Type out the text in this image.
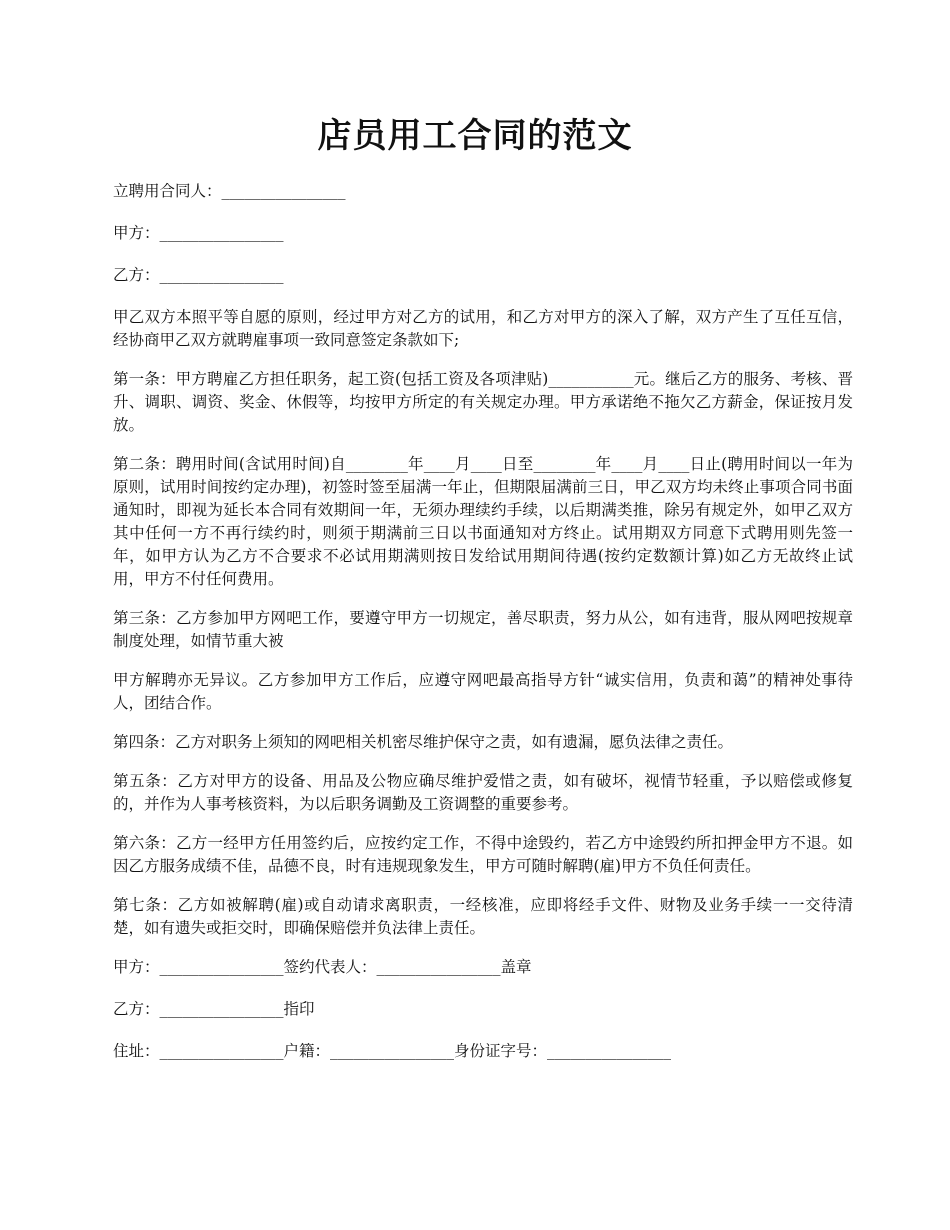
店员用工合同的范文

立聘用合同人：________________

甲方：________________

乙方：________________

甲乙双方本照平等自愿的原则，经过甲方对乙方的试用，和乙方对甲方的深入了解，双方产生了互任互信，经协商甲乙双方就聘雇事项一致同意签定条款如下;

第一条：甲方聘雇乙方担任职务，起工资(包括工资及各项津贴)___________元。继后乙方的服务、考核、晋升、调职、调资、奖金、休假等，均按甲方所定的有关规定办理。甲方承诺绝不拖欠乙方薪金，保证按月发放。

第二条：聘用时间(含试用时间)自________年____月____日至________年____月____日止(聘用时间以一年为原则，试用时间按约定办理)，初签时签至届满一年止，但期限届满前三日，甲乙双方均未终止事项合同书面通知时，即视为延长本合同有效期间一年，无须办理续约手续，以后期满类推，除另有规定外，如甲乙双方其中任何一方不再行续约时，则须于期满前三日以书面通知对方终止。试用期双方同意下式聘用则先签一年，如甲方认为乙方不合要求不必试用期满则按日发给试用期间待遇(按约定数额计算)如乙方无故终止试用，甲方不付任何费用。

第三条：乙方参加甲方网吧工作，要遵守甲方一切规定，善尽职责，努力从公，如有违背，服从网吧按规章制度处理，如情节重大被

甲方解聘亦无异议。乙方参加甲方工作后，应遵守网吧最高指导方针“诚实信用，负责和蔼”的精神处事待人，团结合作。

第四条：乙方对职务上须知的网吧相关机密尽维护保守之责，如有遗漏，愿负法律之责任。

第五条：乙方对甲方的设备、用品及公物应确尽维护爱惜之责，如有破坏，视情节轻重，予以赔偿或修复的，并作为人事考核资料，为以后职务调勤及工资调整的重要参考。

第六条：乙方一经甲方任用签约后，应按约定工作，不得中途毁约，若乙方中途毁约所扣押金甲方不退。如因乙方服务成绩不佳，品德不良，时有违规现象发生，甲方可随时解聘(雇)甲方不负任何责任。

第七条：乙方如被解聘(雇)或自动请求离职责，一经核准，应即将经手文件、财物及业务手续一一交待清楚，如有遗失或拒交时，即确保赔偿并负法律上责任。

甲方：________________签约代表人：________________盖章

乙方：________________指印

住址：________________户籍：________________身份证字号：________________
